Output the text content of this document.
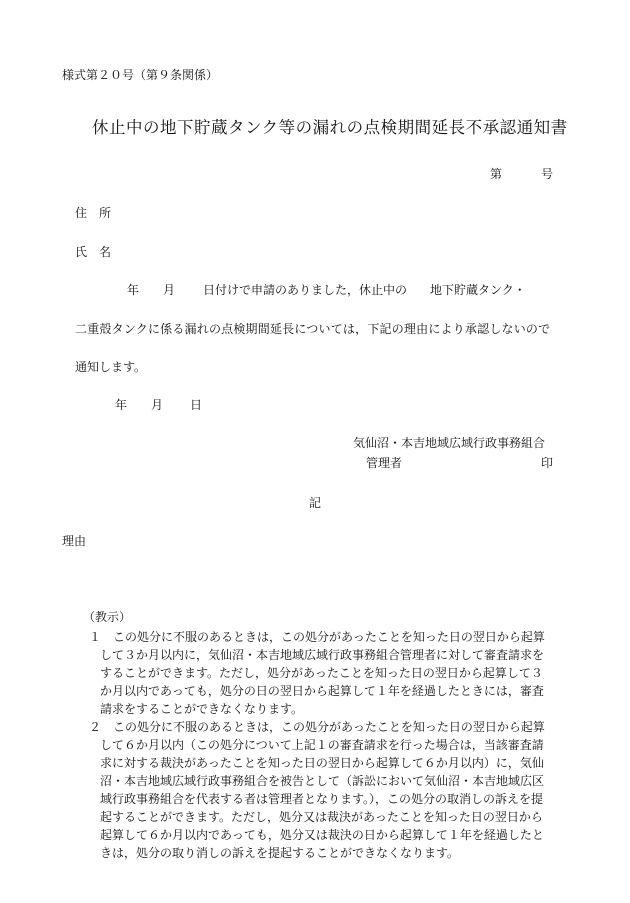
様式第２０号（第９条関係）
休止中の地下貯蔵タンク等の漏れの点検期間延長不承認通知書
第	号
住　所
氏　名
年 月 日付けで申請のありました，休止中の 地下貯蔵タンク・
二重殻タンクに係る漏れの点検期間延長については，下記の理由により承認しないので
通知します。
年 月 日
気仙沼・本吉地域広域行政事務組合
管理者	印
記
理由
（教示）
１　この処分に不服のあるときは，この処分があったことを知った日の翌日から起算
して３か月以内に，気仙沼・本吉地域広域行政事務組合管理者に対して審査請求を
することができます。ただし，処分があったことを知った日の翌日から起算して３
か月以内であっても，処分の日の翌日から起算して１年を経過したときには，審査
請求をすることができなくなります。
２　この処分に不服のあるときは，この処分があったことを知った日の翌日から起算
して６か月以内（この処分について上記１の審査請求を行った場合は，当該審査請
求に対する裁決があったことを知った日の翌日から起算して６か月以内）に，気仙
沼・本吉地域広域行政事務組合を被告として（訴訟において気仙沼・本吉地域広区
域行政事務組合を代表する者は管理者となります。），この処分の取消しの訴えを提
起することができます。ただし，処分又は裁決があったことを知った日の翌日から
起算して６か月以内であっても，処分又は裁決の日から起算して１年を経過したと
きは，処分の取り消しの訴えを提起することができなくなります。
